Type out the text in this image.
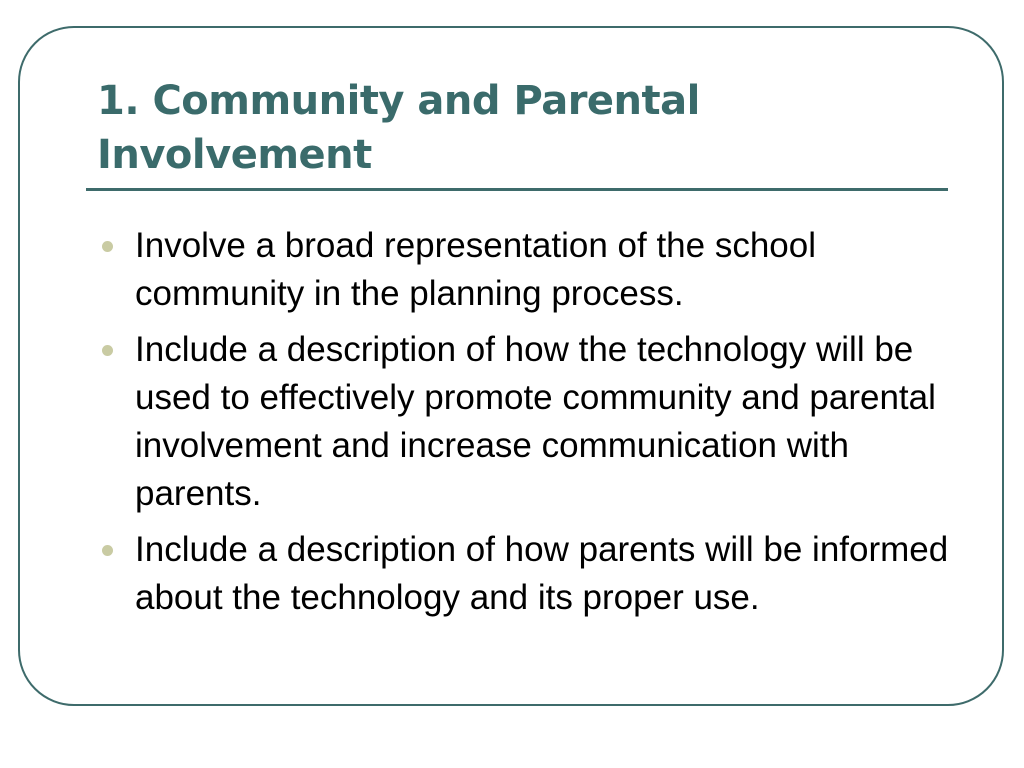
1. Community and Parental Involvement
Involve a broad representation of the school community in the planning process.
Include a description of how the technology will be used to effectively promote community and parental involvement and increase communication with parents.
Include a description of how parents will be informed about the technology and its proper use.
